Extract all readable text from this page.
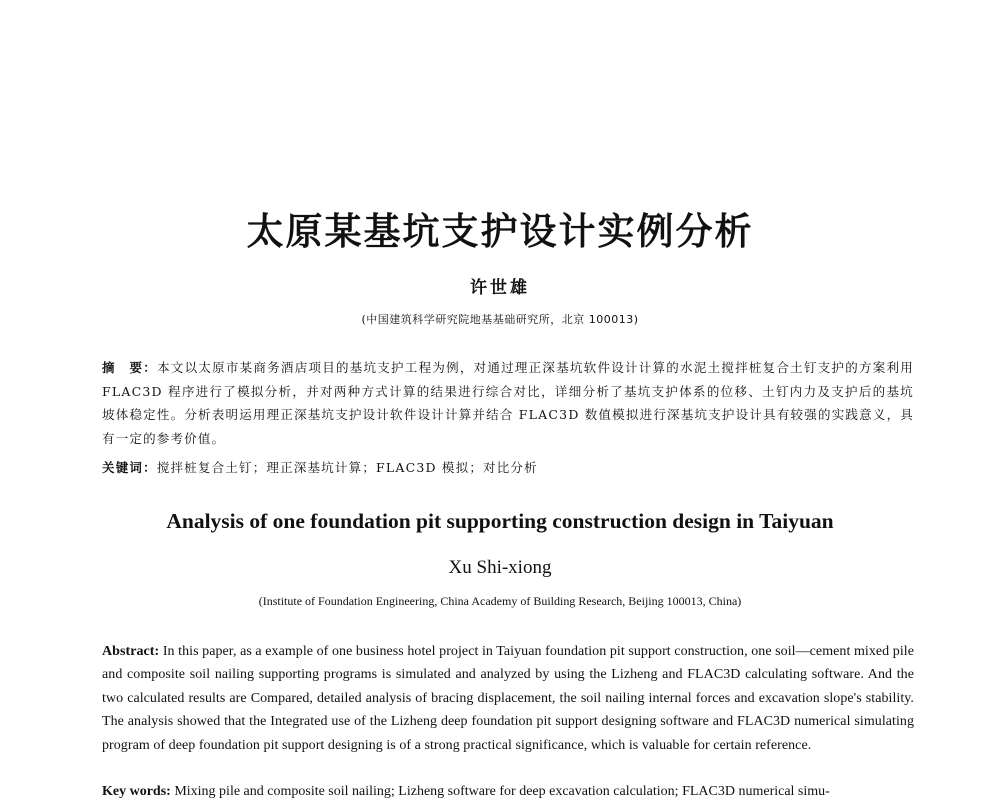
太原某基坑支护设计实例分析
许世雄
(中国建筑科学研究院地基基础研究所，北京 100013)
摘　要：本文以太原市某商务酒店项目的基坑支护工程为例，对通过理正深基坑软件设计计算的水泥土搅拌桩复合土钉支护的方案利用 FLAC3D 程序进行了模拟分析，并对两种方式计算的结果进行综合对比，详细分析了基坑支护体系的位移、土钉内力及支护后的基坑坡体稳定性。分析表明运用理正深基坑支护设计软件设计计算并结合 FLAC3D 数值模拟进行深基坑支护设计具有较强的实践意义，具有一定的参考价值。
关键词：搅拌桩复合土钉；理正深基坑计算；FLAC3D 模拟；对比分析
Analysis of one foundation pit supporting construction design in Taiyuan
Xu Shi-xiong
(Institute of Foundation Engineering, China Academy of Building Research, Beijing 100013, China)
Abstract: In this paper, as a example of one business hotel project in Taiyuan foundation pit support construction, one soil—cement mixed pile and composite soil nailing supporting programs is simulated and analyzed by using the Lizheng and FLAC3D calculating software. And the two calculated results are Compared, detailed analysis of bracing displacement, the soil nailing internal forces and excavation slope's stability. The analysis showed that the Integrated use of the Lizheng deep foundation pit support designing software and FLAC3D numerical simulating program of deep foundation pit support designing is of a strong practical significance, which is valuable for certain reference.
Key words: Mixing pile and composite soil nailing; Lizheng software for deep excavation calculation; FLAC3D numerical simu-
